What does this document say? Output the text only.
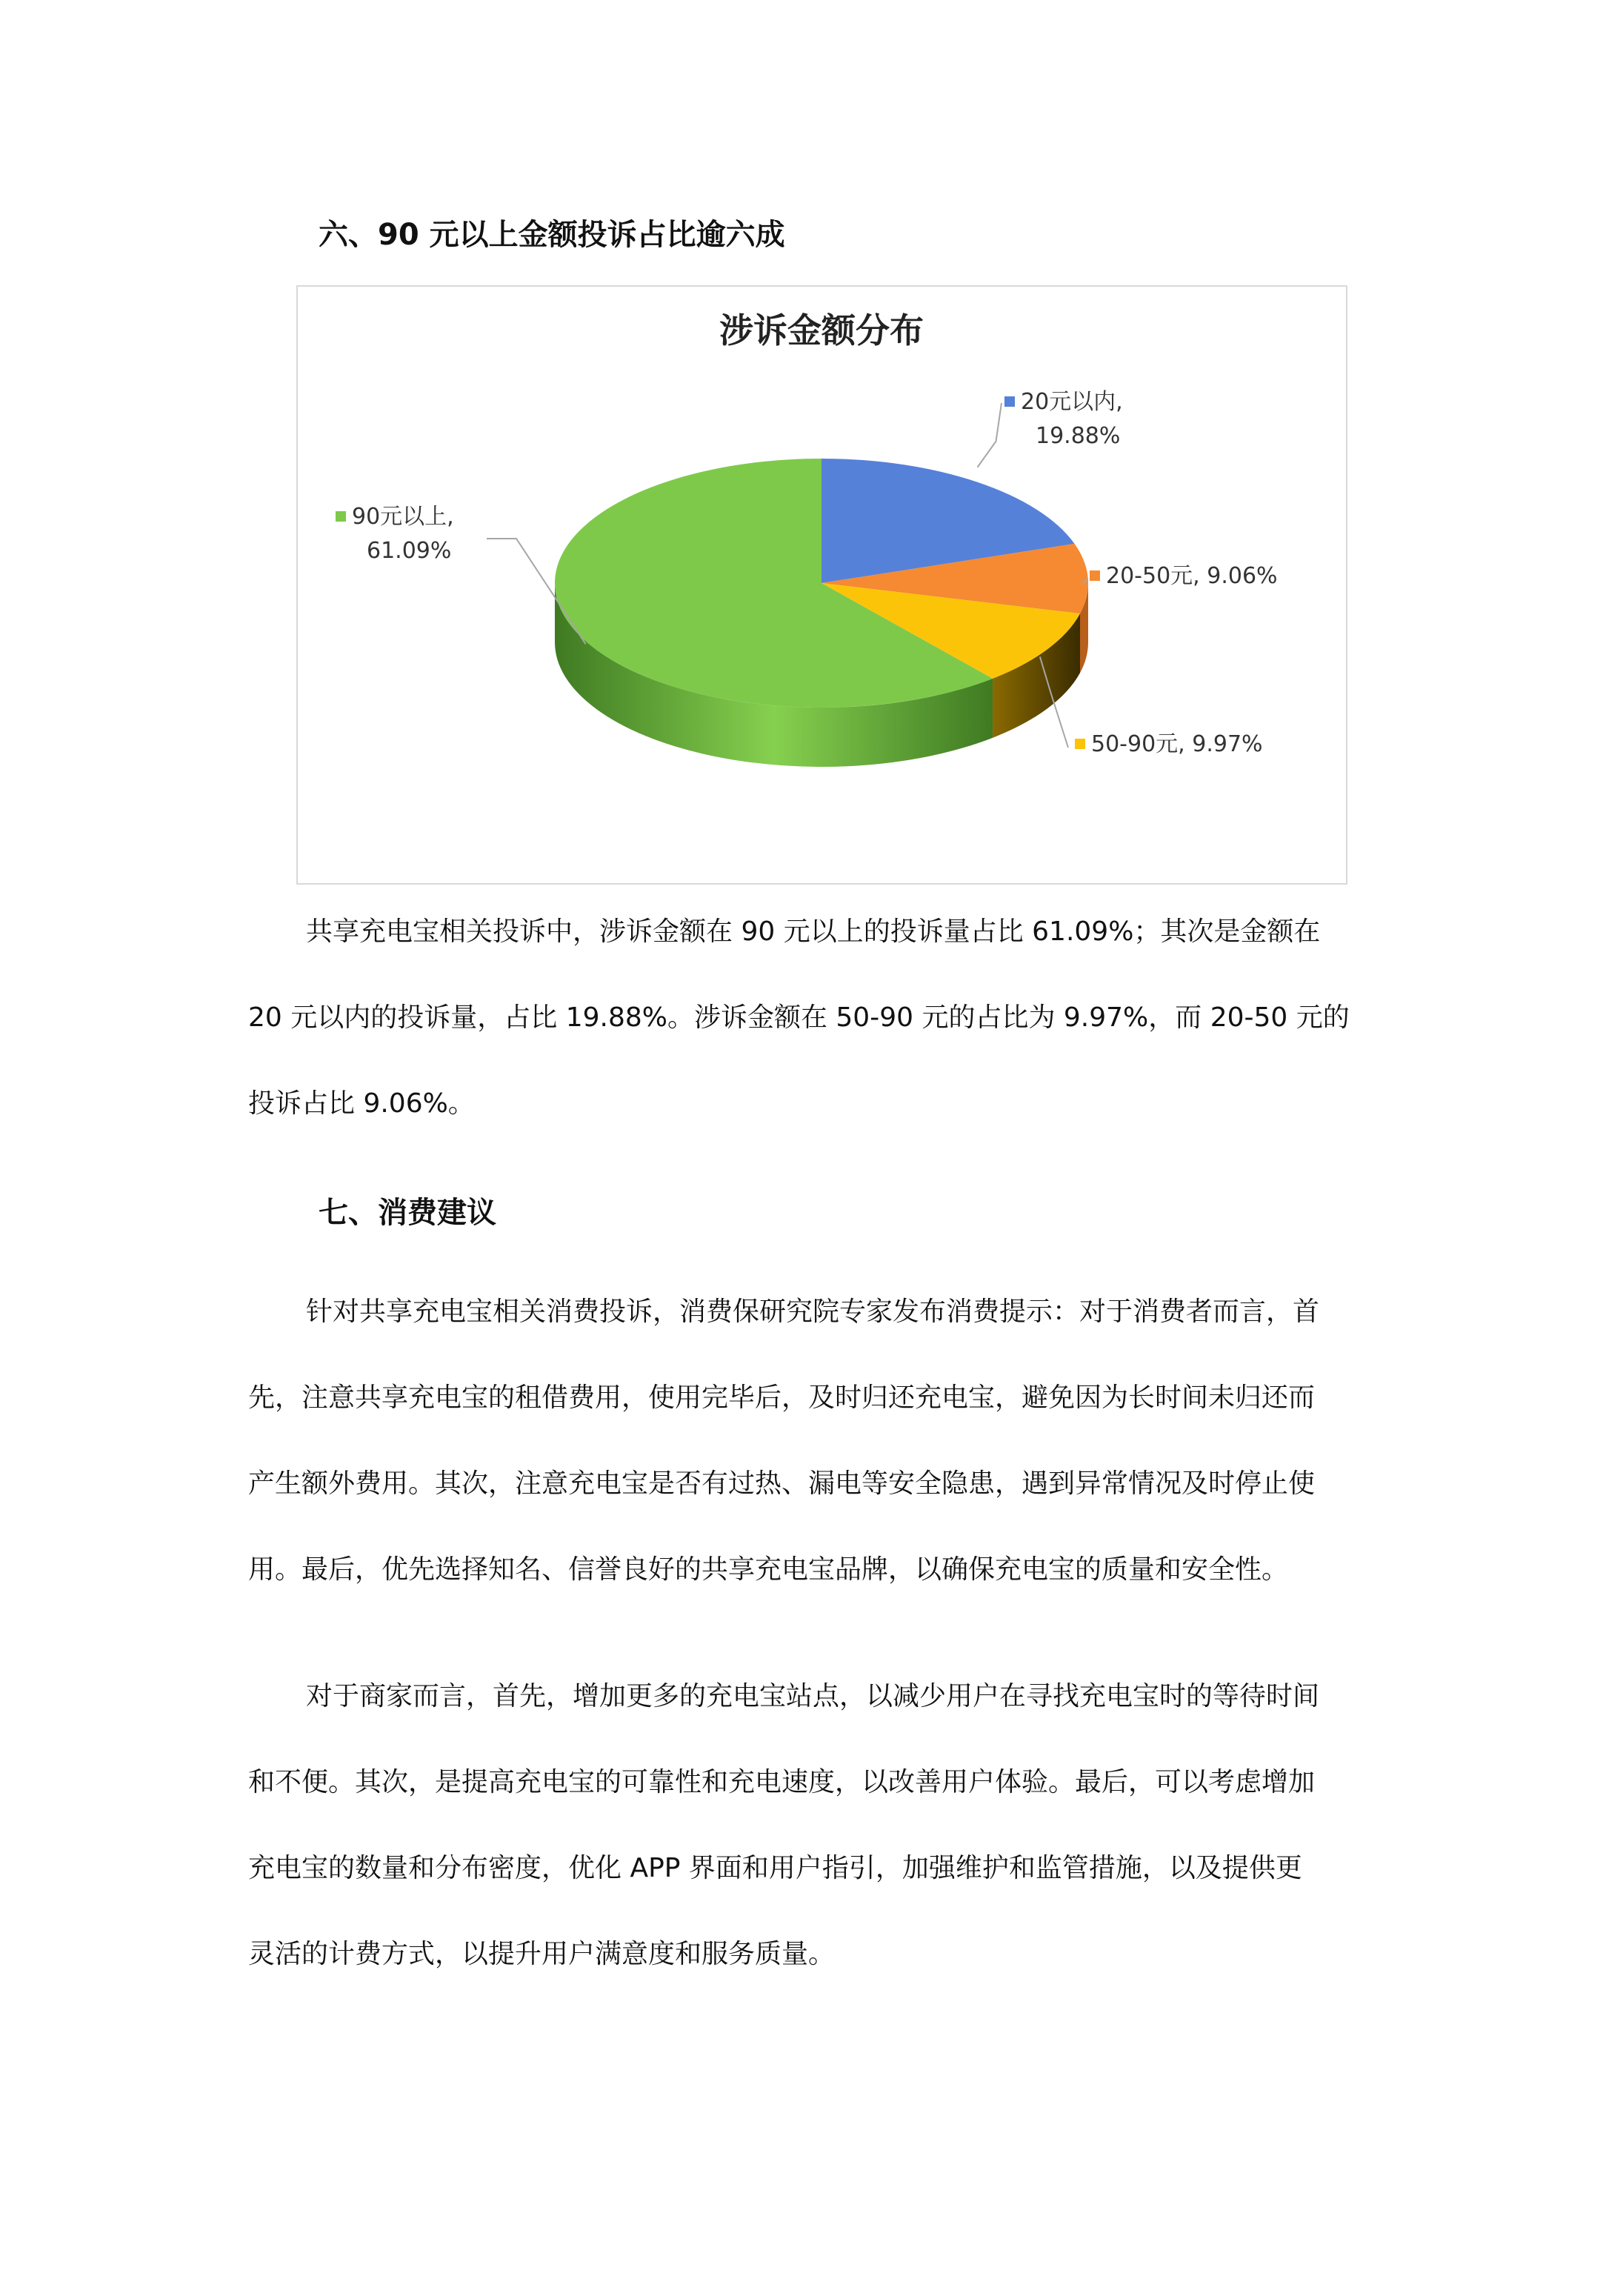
六、90 元以上金额投诉占比逾六成
涉诉金额分布
20元以内, 19.88%
20-50元, 9.06%
50-90元, 9.97%
90元以上, 61.09%
共享充电宝相关投诉中，涉诉金额在 90 元以上的投诉量占比 61.09%；其次是金额在
20 元以内的投诉量，占比 19.88%。涉诉金额在 50-90 元的占比为 9.97%，而 20-50 元的
投诉占比 9.06%。
七、消费建议
针对共享充电宝相关消费投诉，消费保研究院专家发布消费提示：对于消费者而言，首
先，注意共享充电宝的租借费用，使用完毕后，及时归还充电宝，避免因为长时间未归还而
产生额外费用。其次，注意充电宝是否有过热、漏电等安全隐患，遇到异常情况及时停止使
用。最后，优先选择知名、信誉良好的共享充电宝品牌，以确保充电宝的质量和安全性。
对于商家而言，首先，增加更多的充电宝站点，以减少用户在寻找充电宝时的等待时间
和不便。其次，是提高充电宝的可靠性和充电速度，以改善用户体验。最后，可以考虑增加
充电宝的数量和分布密度，优化 APP 界面和用户指引，加强维护和监管措施，以及提供更
灵活的计费方式，以提升用户满意度和服务质量。
